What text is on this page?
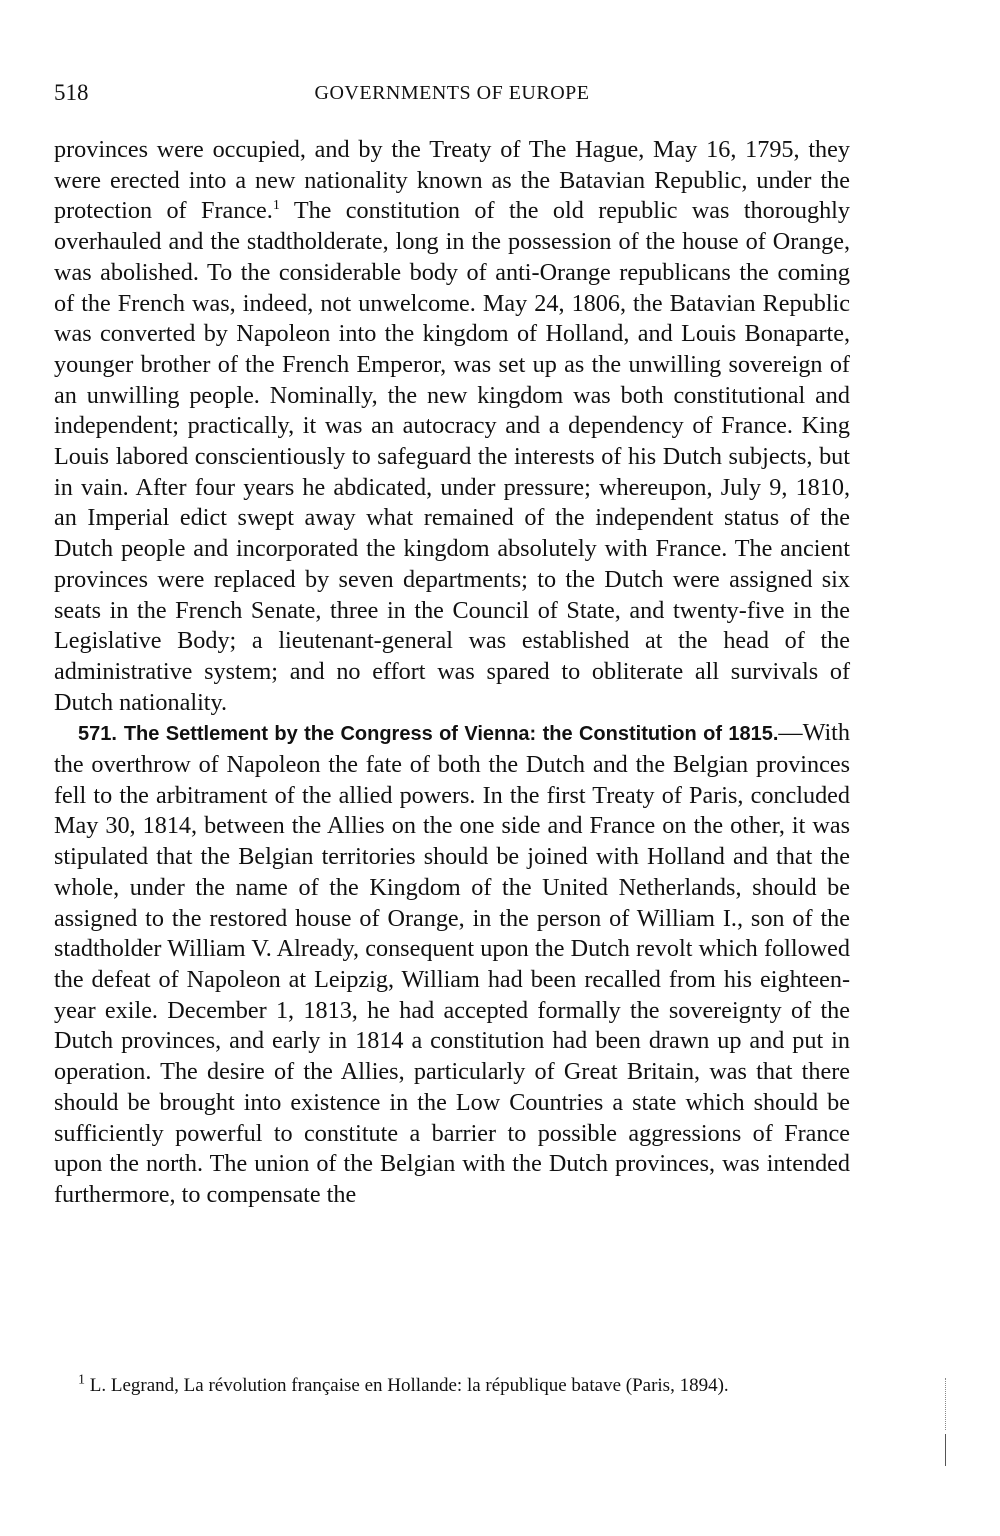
518	GOVERNMENTS OF EUROPE

provinces were occupied, and by the Treaty of The Hague, May 16, 1795, they were erected into a new nationality known as the Batavian Republic, under the protection of France.$^1$ The constitution of the old republic was thoroughly overhauled and the stadtholderate, long in the possession of the house of Orange, was abolished. To the considerable body of anti-Orange republicans the coming of the French was, indeed, not unwelcome. May 24, 1806, the Batavian Republic was converted by Napoleon into the kingdom of Holland, and Louis Bonaparte, younger brother of the French Emperor, was set up as the unwilling sovereign of an unwilling people. Nominally, the new kingdom was both constitutional and independent; practically, it was an autocracy and a dependency of France. King Louis labored conscientiously to safeguard the interests of his Dutch subjects, but in vain. After four years he abdicated, under pressure; whereupon, July 9, 1810, an Imperial edict swept away what remained of the independent status of the Dutch people and incorporated the kingdom absolutely with France. The ancient provinces were replaced by seven departments; to the Dutch were assigned six seats in the French Senate, three in the Council of State, and twenty-five in the Legislative Body; a lieutenant-general was established at the head of the administrative system; and no effort was spared to obliterate all survivals of Dutch nationality.

571. The Settlement by the Congress of Vienna: the Constitution of 1815.—With the overthrow of Napoleon the fate of both the Dutch and the Belgian provinces fell to the arbitrament of the allied powers. In the first Treaty of Paris, concluded May 30, 1814, between the Allies on the one side and France on the other, it was stipulated that the Belgian territories should be joined with Holland and that the whole, under the name of the Kingdom of the United Netherlands, should be assigned to the restored house of Orange, in the person of William I., son of the stadtholder William V. Already, consequent upon the Dutch revolt which followed the defeat of Napoleon at Leipzig, William had been recalled from his eighteen-year exile. December 1, 1813, he had accepted formally the sovereignty of the Dutch provinces, and early in 1814 a constitution had been drawn up and put in operation. The desire of the Allies, particularly of Great Britain, was that there should be brought into existence in the Low Countries a state which should be sufficiently powerful to constitute a barrier to possible aggressions of France upon the north. The union of the Belgian with the Dutch provinces, was intended furthermore, to compensate the

$^1$ L. Legrand, La révolution française en Hollande: la république batave (Paris, 1894).
